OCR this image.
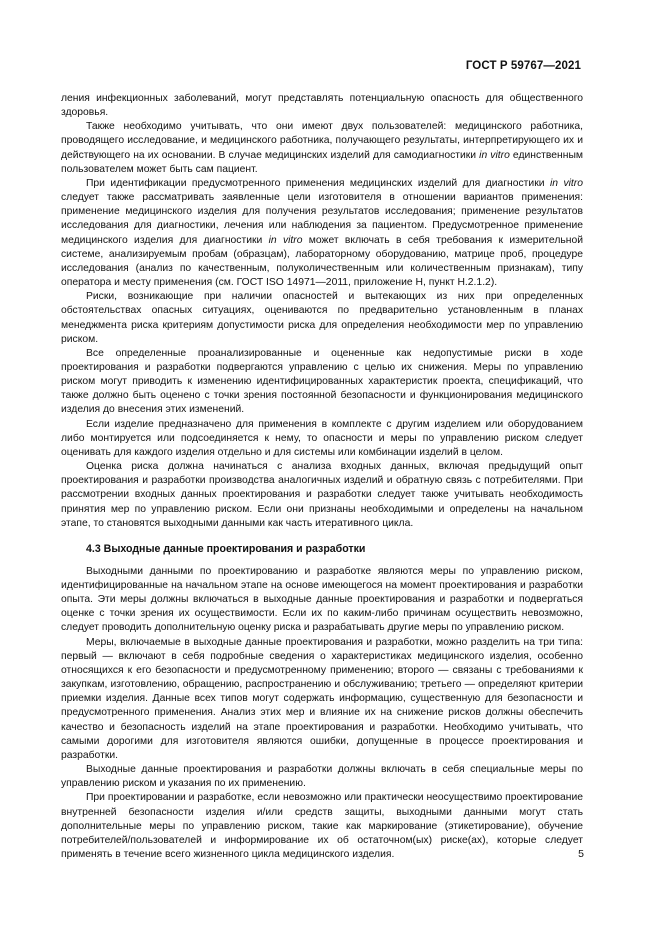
ГОСТ Р 59767—2021

ления инфекционных заболеваний, могут представлять потенциальную опасность для общественного здоровья.

Также необходимо учитывать, что они имеют двух пользователей: медицинского работника, проводящего исследование, и медицинского работника, получающего результаты, интерпретирующего их и действующего на их основании. В случае медицинских изделий для самодиагностики in vitro единственным пользователем может быть сам пациент.

При идентификации предусмотренного применения медицинских изделий для диагностики in vitro следует также рассматривать заявленные цели изготовителя в отношении вариантов применения: применение медицинского изделия для получения результатов исследования; применение результатов исследования для диагностики, лечения или наблюдения за пациентом. Предусмотренное применение медицинского изделия для диагностики in vitro может включать в себя требования к измерительной системе, анализируемым пробам (образцам), лабораторному оборудованию, матрице проб, процедуре исследования (анализ по качественным, полуколичественным или количественным признакам), типу оператора и месту применения (см. ГОСТ ISO 14971—2011, приложение Н, пункт Н.2.1.2).

Риски, возникающие при наличии опасностей и вытекающих из них при определенных обстоятельствах опасных ситуациях, оцениваются по предварительно установленным в планах менеджмента риска критериям допустимости риска для определения необходимости мер по управлению риском.

Все определенные проанализированные и оцененные как недопустимые риски в ходе проектирования и разработки подвергаются управлению с целью их снижения. Меры по управлению риском могут приводить к изменению идентифицированных характеристик проекта, спецификаций, что также должно быть оценено с точки зрения постоянной безопасности и функционирования медицинского изделия до внесения этих изменений.

Если изделие предназначено для применения в комплекте с другим изделием или оборудованием либо монтируется или подсоединяется к нему, то опасности и меры по управлению риском следует оценивать для каждого изделия отдельно и для системы или комбинации изделий в целом.

Оценка риска должна начинаться с анализа входных данных, включая предыдущий опыт проектирования и разработки производства аналогичных изделий и обратную связь с потребителями. При рассмотрении входных данных проектирования и разработки следует также учитывать необходимость принятия мер по управлению риском. Если они признаны необходимыми и определены на начальном этапе, то становятся выходными данными как часть итеративного цикла.

4.3 Выходные данные проектирования и разработки

Выходными данными по проектированию и разработке являются меры по управлению риском, идентифицированные на начальном этапе на основе имеющегося на момент проектирования и разработки опыта. Эти меры должны включаться в выходные данные проектирования и разработки и подвергаться оценке с точки зрения их осуществимости. Если их по каким-либо причинам осуществить невозможно, следует проводить дополнительную оценку риска и разрабатывать другие меры по управлению риском.

Меры, включаемые в выходные данные проектирования и разработки, можно разделить на три типа: первый — включают в себя подробные сведения о характеристиках медицинского изделия, особенно относящихся к его безопасности и предусмотренному применению; второго — связаны с требованиями к закупкам, изготовлению, обращению, распространению и обслуживанию; третьего — определяют критерии приемки изделия. Данные всех типов могут содержать информацию, существенную для безопасности и предусмотренного применения. Анализ этих мер и влияние их на снижение рисков должны обеспечить качество и безопасность изделий на этапе проектирования и разработки. Необходимо учитывать, что самыми дорогими для изготовителя являются ошибки, допущенные в процессе проектирования и разработки.

Выходные данные проектирования и разработки должны включать в себя специальные меры по управлению риском и указания по их применению.

При проектировании и разработке, если невозможно или практически неосуществимо проектирование внутренней безопасности изделия и/или средств защиты, выходными данными могут стать дополнительные меры по управлению риском, такие как маркирование (этикетирование), обучение потребителей/пользователей и информирование их об остаточном(ых) риске(ах), которые следует применять в течение всего жизненного цикла медицинского изделия.	5
